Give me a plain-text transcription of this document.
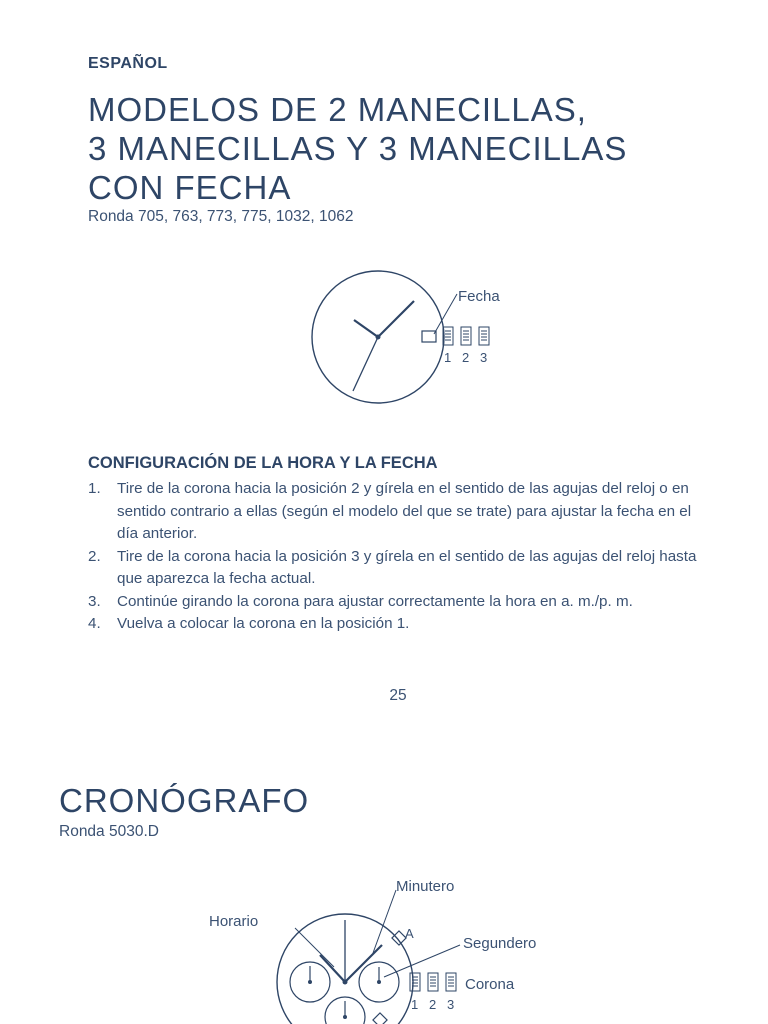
ESPAÑOL
MODELOS DE 2 MANECILLAS,
3 MANECILLAS Y 3 MANECILLAS
CON FECHA
Ronda 705, 763, 773, 775, 1032, 1062
Fecha
1 2 3
CONFIGURACIÓN DE LA HORA Y LA FECHA
1. Tire de la corona hacia la posición 2 y gírela en el sentido de las agujas del reloj o en sentido contrario a ellas (según el modelo del que se trate) para ajustar la fecha en el día anterior.
2. Tire de la corona hacia la posición 3 y gírela en el sentido de las agujas del reloj hasta que aparezca la fecha actual.
3. Continúe girando la corona para ajustar correctamente la hora en a. m./p. m.
4. Vuelva a colocar la corona en la posición 1.
25
CRONÓGRAFO
Ronda 5030.D
Minutero
Horario
A
Segundero
Corona
1 2 3
